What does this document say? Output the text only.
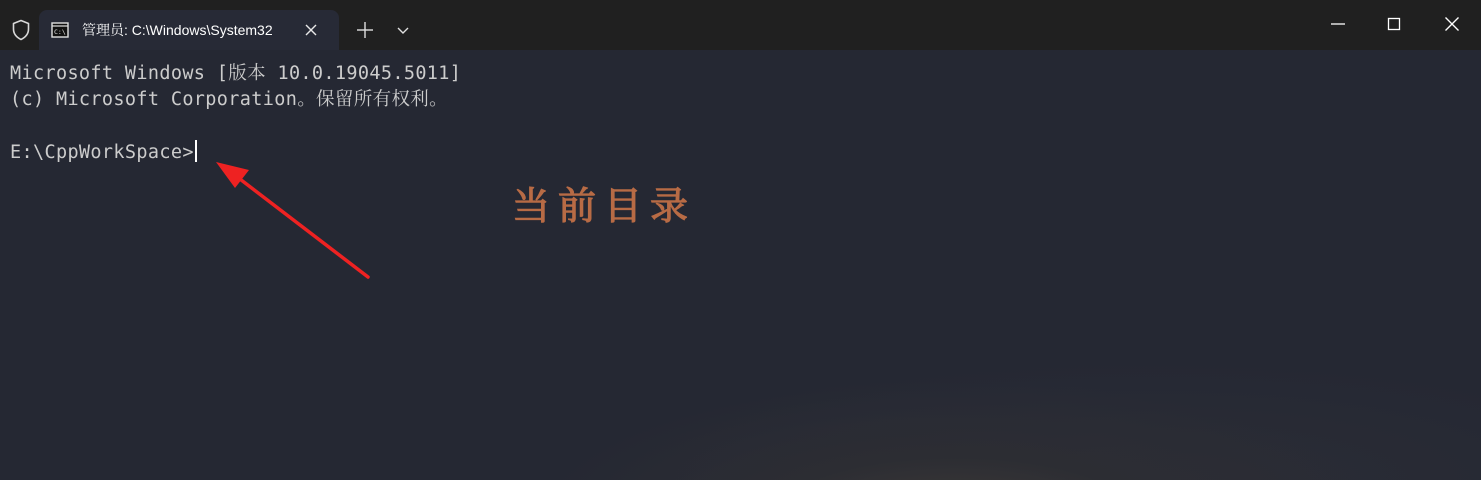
C:\ 管理员: C:\Windows\System32
Microsoft Windows [版本 10.0.19045.5011]
(c) Microsoft Corporation。保留所有权利。
E:\CppWorkSpace>
当前目录
